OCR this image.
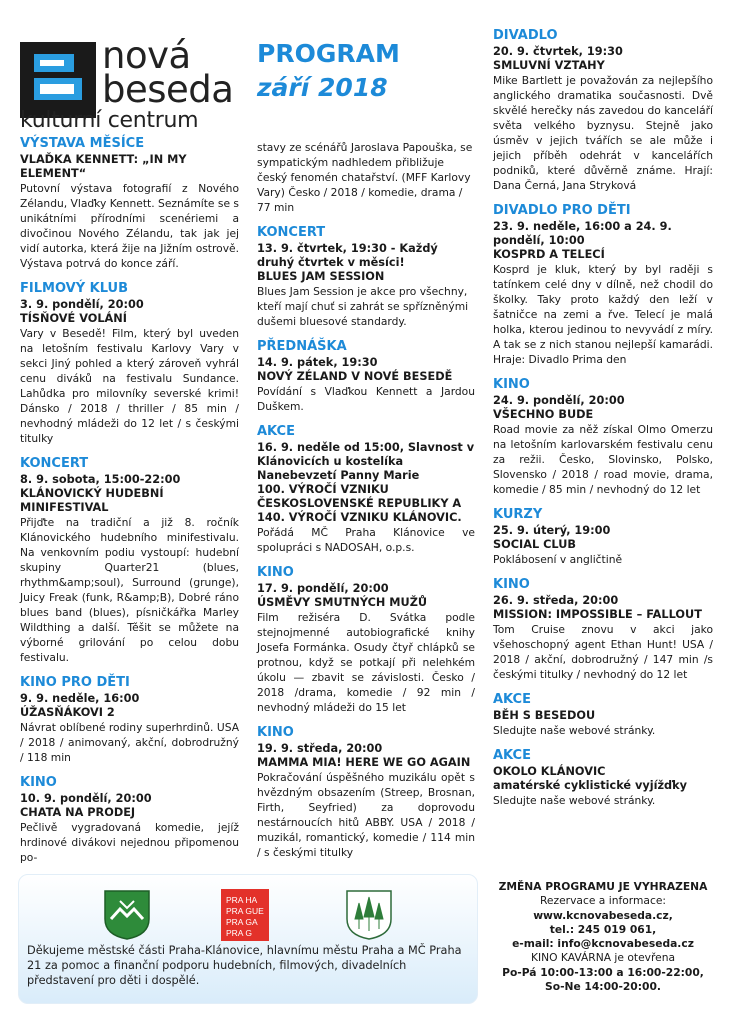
nová
beseda
kulturní centrum
PROGRAM
září 2018
VÝSTAVA MĚSÍCE
VLAĎKA KENNETT: „IN MY ELEMENT“

Putovní výstava fotografií z Nového Zélandu, Vlaďky Kennett. Seznámíte se s unikátními přírodními scenériemi a divočinou Nového Zélandu, tak jak jej vidí autorka, která žije na Jižním ostrově. Výstava potrvá do konce září.

FILMOVÝ KLUB
3. 9. pondělí, 20:00
TÍSŇOVÉ VOLÁNÍ

Vary v Besedě! Film, který byl uveden na letošním festivalu Karlovy Vary v sekci Jiný pohled a který zároveň vyhrál cenu diváků na festivalu Sundance. Lahůdka pro milovníky severské krimi! Dánsko / 2018 / thriller / 85 min / nevhodný mládeži do 12 let / s českými titulky

KONCERT
8. 9. sobota, 15:00-22:00
KLÁNOVICKÝ HUDEBNÍ MINIFESTIVAL

Přijďte na tradiční a již 8. ročník Klánovického hudebního minifestivalu. Na venkovním podiu vystoupí: hudební skupiny Quarter21 (blues, rhythm&amp;soul), Surround (grunge), Juicy Freak (funk, R&amp;B), Dobré ráno blues band (blues), písničkářka Marley Wildthing a další. Těšit se můžete na výborné grilování po celou dobu festivalu.

KINO PRO DĚTI
9. 9. neděle, 16:00
ÚŽASŇÁKOVI 2

Návrat oblíbené rodiny superhrdinů. USA / 2018 / animovaný, akční, dobrodružný / 118 min

KINO
10. 9. pondělí, 20:00
CHATA NA PRODEJ

Pečlivě vygradovaná komedie, jejíž hrdinové divákovi nejednou připomenou po-

stavy ze scénářů Jaroslava Papouška, se sympatickým nadhledem přibližuje český fenomén chatařství. (MFF Karlovy Vary) Česko / 2018 / komedie, drama / 77 min

KONCERT
13. 9. čtvrtek, 19:30 - Každý druhý čtvrtek v měsíci!
BLUES JAM SESSION

Blues Jam Session je akce pro všechny, kteří mají chuť si zahrát se spřízněnými dušemi bluesové standardy.

PŘEDNÁŠKA
14. 9. pátek, 19:30
NOVÝ ZÉLAND V NOVÉ BESEDĚ

Povídání s Vlaďkou Kennett a Jardou Duškem.

AKCE
16. 9. neděle od 15:00, Slavnost v Klánovicích u kostelíka Nanebevzetí Panny Marie
100. VÝROČÍ VZNIKU ČESKOSLOVENSKÉ REPUBLIKY A 140. VÝROČÍ VZNIKU KLÁNOVIC.

Pořádá MČ Praha Klánovice ve spolupráci s NADOSAH, o.p.s.

KINO
17. 9. pondělí, 20:00
ÚSMĚVY SMUTNÝCH MUŽŮ

Film režiséra D. Svátka podle stejnojmenné autobiografické knihy Josefa Formánka. Osudy čtyř chlápků se protnou, když se potkají při nelehkém úkolu — zbavit se závislosti. Česko / 2018 /drama, komedie / 92 min / nevhodný mládeži do 15 let

KINO
19. 9. středa, 20:00
MAMMA MIA! HERE WE GO AGAIN

Pokračování úspěšného muzikálu opět s hvězdným obsazením (Streep, Brosnan, Firth, Seyfried) za doprovodu nestárnoucích hitů ABBY. USA / 2018 / muzikál, romantický, komedie / 114 min / s českými titulky

DIVADLO
20. 9. čtvrtek, 19:30
SMLUVNÍ VZTAHY

Mike Bartlett je považován za nejlepšího anglického dramatika současnosti. Dvě skvělé herečky nás zavedou do kanceláří světa velkého byznysu. Stejně jako úsměv v jejich tvářích se ale může i jejich příběh odehrát v kancelářích podniků, které důvěrně známe. Hrají: Dana Černá, Jana Stryková

DIVADLO PRO DĚTI
23. 9. neděle, 16:00 a 24. 9. pondělí, 10:00
KOSPRD A TELECÍ

Kosprd je kluk, který by byl raději s tatínkem celé dny v dílně, než chodil do školky. Taky proto každý den leží v šatničce na zemi a řve. Telecí je malá holka, kterou jedinou to nevyvádí z míry. A tak se z nich stanou nejlepší kamarádi. Hraje: Divadlo Prima den

KINO
24. 9. pondělí, 20:00
VŠECHNO BUDE

Road movie za něž získal Olmo Omerzu na letošním karlovarském festivalu cenu za režii. Česko, Slovinsko, Polsko, Slovensko / 2018 / road movie, drama, komedie / 85 min / nevhodný do 12 let

KURZY
25. 9. úterý, 19:00
SOCIAL CLUB

Poklábosení v angličtině

KINO
26. 9. středa, 20:00
MISSION: IMPOSSIBLE – FALLOUT

Tom Cruise znovu v akci jako všehoschopný agent Ethan Hunt! USA / 2018 / akční, dobrodružný / 147 min /s českými titulky / nevhodný do 12 let

AKCE
BĚH S BESEDOU

Sledujte naše webové stránky.

AKCE
OKOLO KLÁNOVIC
amatérské cyklistické vyjížďky

Sledujte naše webové stránky.

PRA HA PRA GUE PRA GA PRA G
Děkujeme městské části Praha-Klánovice, hlavnímu městu Praha a MČ Praha 21 za pomoc a finanční podporu hudebních, filmových, divadelních představení pro děti i dospělé.
ZMĚNA PROGRAMU JE VYHRAZENA
Rezervace a informace:
www.kcnovabeseda.cz,
tel.: 245 019 061,
e-mail: info@kcnovabeseda.cz
KINO KAVÁRNA je otevřena
Po-Pá 10:00-13:00 a 16:00-22:00,
So-Ne 14:00-20:00.
